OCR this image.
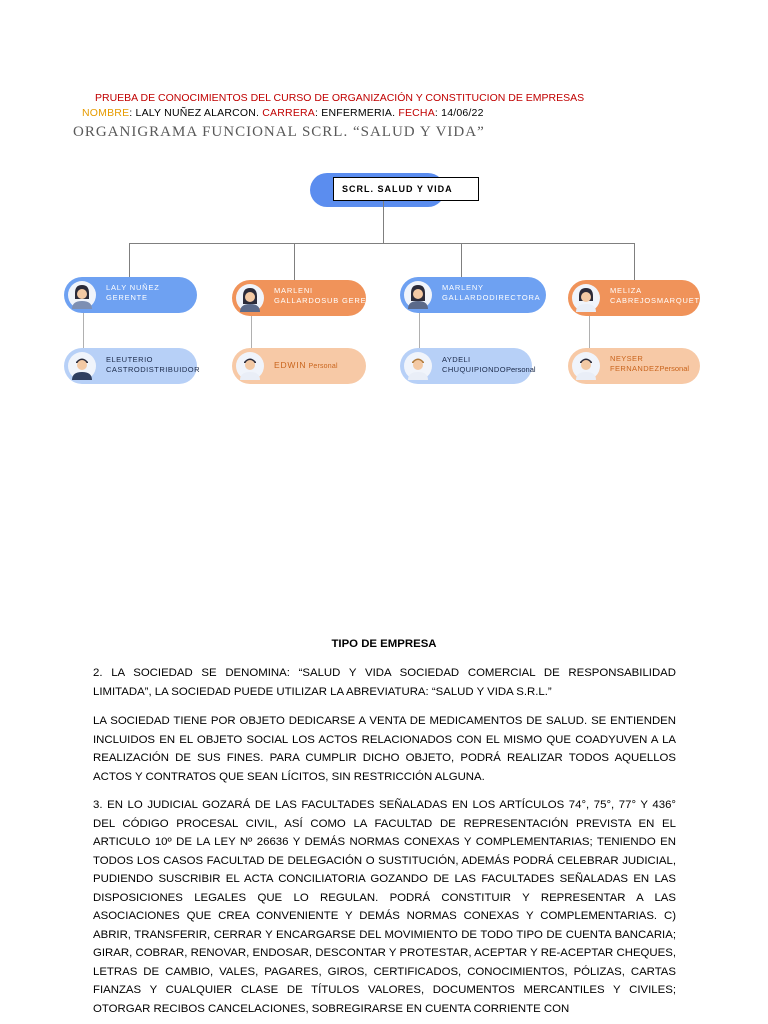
PRUEBA DE CONOCIMIENTOS DEL CURSO DE ORGANIZACIÓN Y CONSTITUCION DE EMPRESAS
NOMBRE: LALY NUÑEZ ALARCON. CARRERA: ENFERMERIA. FECHA: 14/06/22
ORGANIGRAMA FUNCIONAL SCRL. “SALUD Y VIDA”
SCRL. SALUD Y VIDA
LALY NUÑEZ
GERENTE
MARLENI
GALLARDOSUB GERENTE
MARLENY
GALLARDODIRECTORA
MELIZA
CABREJOSMARQUETING
ELEUTERIO
CASTRODISTRIBUIDOR	EDWIN Personal
AYDELI
CHUQUIPIONDOPersonal
NEYSER
FERNANDEZPersonal
TIPO DE EMPRESA

2. LA SOCIEDAD SE DENOMINA: “SALUD Y VIDA SOCIEDAD COMERCIAL DE RESPONSABILIDAD LIMITADA”, LA SOCIEDAD PUEDE UTILIZAR LA ABREVIATURA: “SALUD Y VIDA S.R.L.”

LA SOCIEDAD TIENE POR OBJETO DEDICARSE A VENTA DE MEDICAMENTOS DE SALUD. SE ENTIENDEN INCLUIDOS EN EL OBJETO SOCIAL LOS ACTOS RELACIONADOS CON EL MISMO QUE COADYUVEN A LA REALIZACIÓN DE SUS FINES. PARA CUMPLIR DICHO OBJETO, PODRÁ REALIZAR TODOS AQUELLOS ACTOS Y CONTRATOS QUE SEAN LÍCITOS, SIN RESTRICCIÓN ALGUNA.

3. EN LO JUDICIAL GOZARÁ DE LAS FACULTADES SEÑALADAS EN LOS ARTÍCULOS 74°, 75°, 77° Y 436° DEL CÓDIGO PROCESAL CIVIL, ASÍ COMO LA FACULTAD DE REPRESENTACIÓN PREVISTA EN EL ARTICULO 10º DE LA LEY Nº 26636 Y DEMÁS NORMAS CONEXAS Y COMPLEMENTARIAS; TENIENDO EN TODOS LOS CASOS FACULTAD DE DELEGACIÓN O SUSTITUCIÓN, ADEMÁS PODRÁ CELEBRAR JUDICIAL, PUDIENDO SUSCRIBIR EL ACTA CONCILIATORIA GOZANDO DE LAS FACULTADES SEÑALADAS EN LAS DISPOSICIONES LEGALES QUE LO REGULAN. PODRÁ CONSTITUIR Y REPRESENTAR A LAS ASOCIACIONES QUE CREA CONVENIENTE Y DEMÁS NORMAS CONEXAS Y COMPLEMENTARIAS. C) ABRIR, TRANSFERIR, CERRAR Y ENCARGARSE DEL MOVIMIENTO DE TODO TIPO DE CUENTA BANCARIA; GIRAR, COBRAR, RENOVAR, ENDOSAR, DESCONTAR Y PROTESTAR, ACEPTAR Y RE-ACEPTAR CHEQUES, LETRAS DE CAMBIO, VALES, PAGARES, GIROS, CERTIFICADOS, CONOCIMIENTOS, PÓLIZAS, CARTAS FIANZAS Y CUALQUIER CLASE DE TÍTULOS VALORES, DOCUMENTOS MERCANTILES Y CIVILES; OTORGAR RECIBOS CANCELACIONES, SOBREGIRARSE EN CUENTA CORRIENTE CON
